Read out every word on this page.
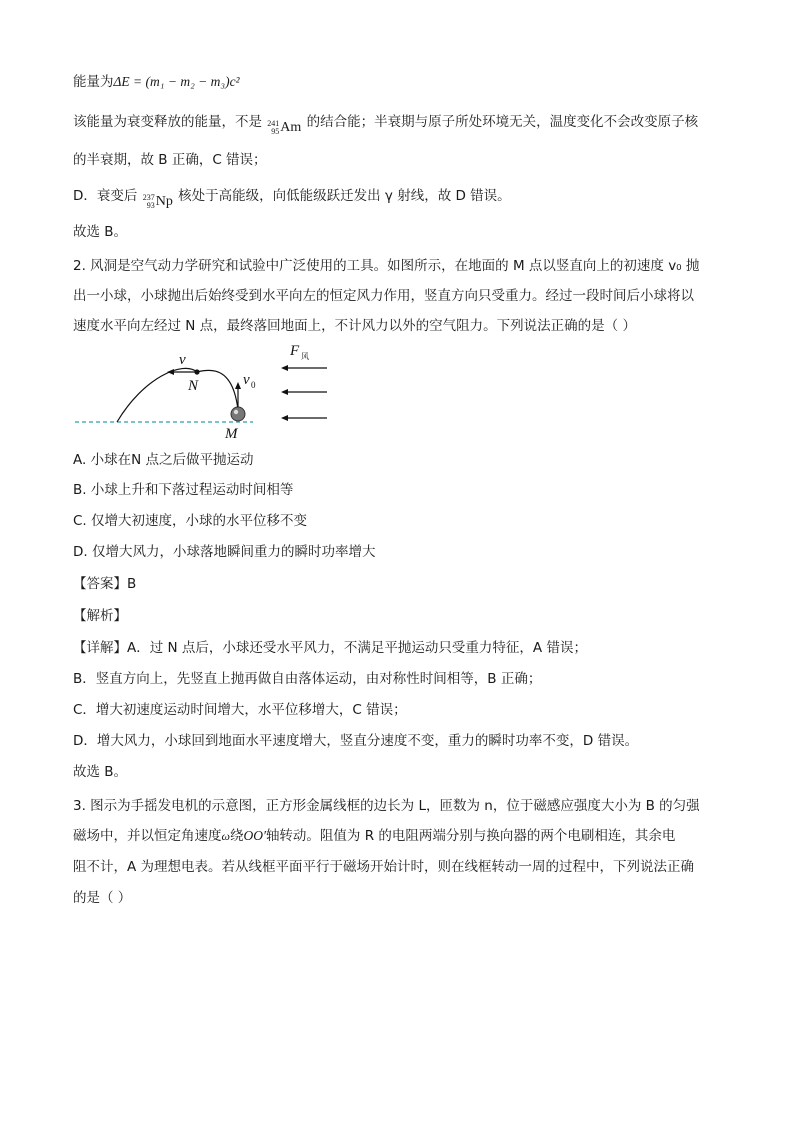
能量为ΔE = (m₁ − m₂ − m₃)c²
该能量为衰变释放的能量，不是 241
95 Am 的结合能；半衰期与原子所处环境无关，温度变化不会改变原子核
的半衰期，故 B 正确，C 错误；
D．衰变后 237
93 Np 核处于高能级，向低能级跃迁发出 γ 射线，故 D 错误。
故选 B。
2. 风洞是空气动力学研究和试验中广泛使用的工具。如图所示，在地面的 M 点以竖直向上的初速度 v₀ 抛
出一小球，小球抛出后始终受到水平向左的恒定风力作用，竖直方向只受重力。经过一段时间后小球将以
速度水平向左经过 N 点，最终落回地面上，不计风力以外的空气阻力。下列说法正确的是（ ）
v
N	v 0
F 风
M
A. 小球在N 点之后做平抛运动
B. 小球上升和下落过程运动时间相等
C. 仅增大初速度，小球的水平位移不变
D. 仅增大风力，小球落地瞬间重力的瞬时功率增大
【答案】B
【解析】
【详解】A．过 N 点后，小球还受水平风力，不满足平抛运动只受重力特征，A 错误；
B．竖直方向上，先竖直上抛再做自由落体运动，由对称性时间相等，B 正确；
C．增大初速度运动时间增大，水平位移增大，C 错误；
D．增大风力，小球回到地面水平速度增大，竖直分速度不变，重力的瞬时功率不变，D 错误。
故选 B。
3. 图示为手摇发电机的示意图，正方形金属线框的边长为 L，匝数为 n，位于磁感应强度大小为 B 的匀强
磁场中，并以恒定角速度ω绕OO′轴转动。阻值为 R 的电阻两端分别与换向器的两个电刷相连，其余电
阻不计，A 为理想电表。若从线框平面平行于磁场开始计时，则在线框转动一周的过程中，下列说法正确
的是（ ）
